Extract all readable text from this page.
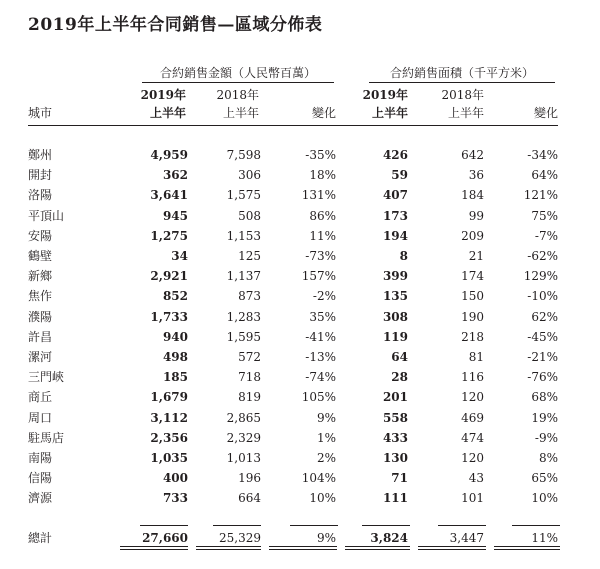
2019年上半年合同銷售—區域分佈表
合約銷售金額（人民幣百萬）	合約銷售面積（千平方米）
2019年
上半年
2018年
上半年	變化
2019年
上半年
2018年
上半年	變化
城市
鄭州	4,959	7,598	-35%	426	642	-34%
開封	362	306	18%	59	36	64%
洛陽	3,641	1,575	131%	407	184	121%
平頂山	945	508	86%	173	99	75%
安陽	1,275	1,153	11%	194	209	-7%
鶴壁	34	125	-73%	8	21	-62%
新鄉	2,921	1,137	157%	399	174	129%
焦作	852	873	-2%	135	150	-10%
濮陽	1,733	1,283	35%	308	190	62%
許昌	940	1,595	-41%	119	218	-45%
漯河	498	572	-13%	64	81	-21%
三門峽	185	718	-74%	28	116	-76%
商丘	1,679	819	105%	201	120	68%
周口	3,112	2,865	9%	558	469	19%
駐馬店	2,356	2,329	1%	433	474	-9%
南陽	1,035	1,013	2%	130	120	8%
信陽	400	196	104%	71	43	65%
濟源	733	664	10%	111	101	10%
總計	27,660	25,329	9%	3,824	3,447	11%
